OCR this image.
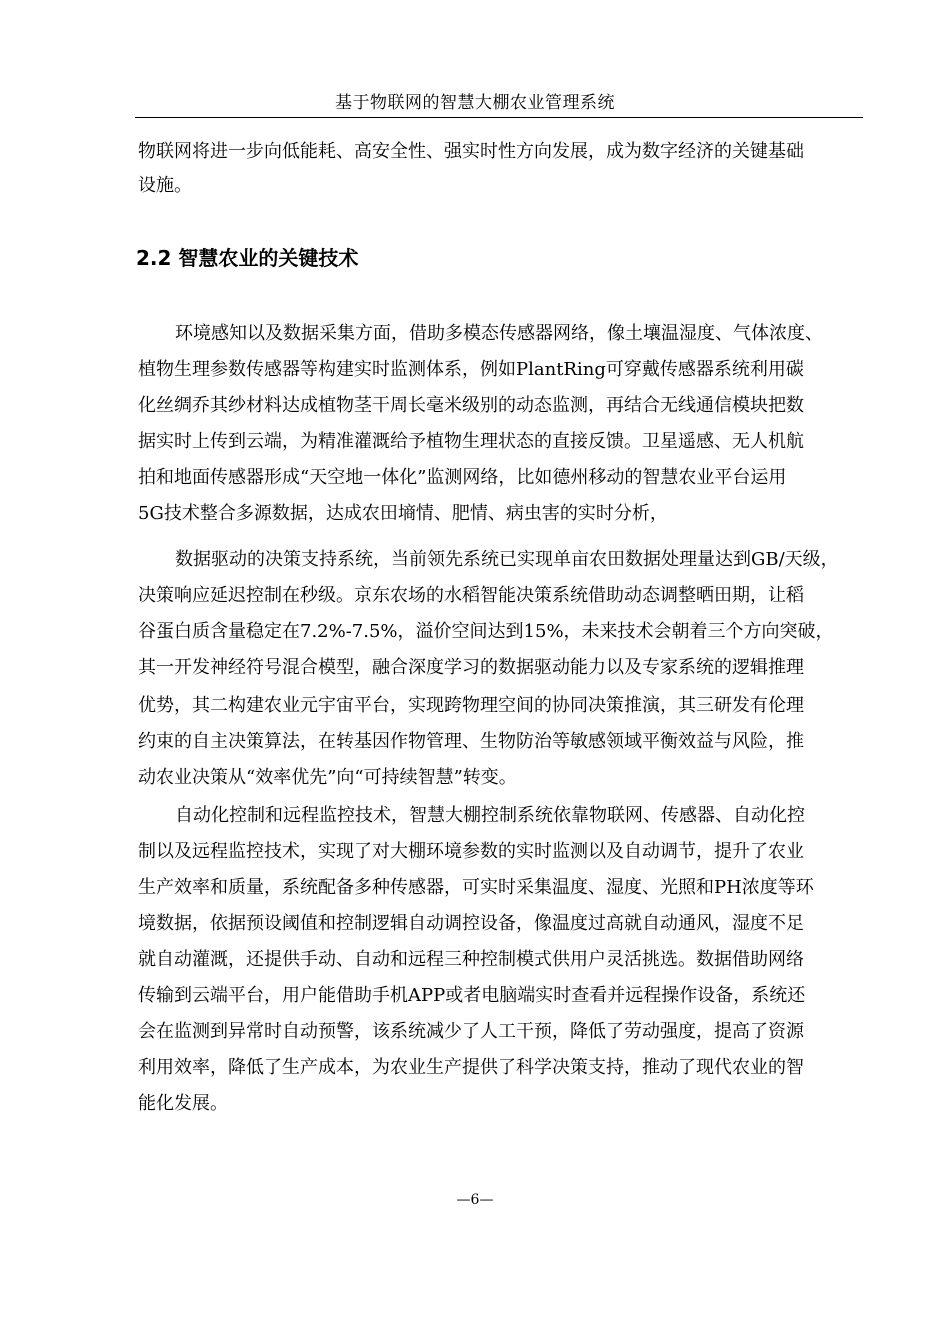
基于物联网的智慧大棚农业管理系统
物联网将进一步向低能耗、高安全性、强实时性方向发展，成为数字经济的关键基础
设施。
2.2 智慧农业的关键技术
环境感知以及数据采集方面，借助多模态传感器网络，像土壤温湿度、气体浓度、
植物生理参数传感器等构建实时监测体系，例如PlantRing可穿戴传感器系统利用碳
化丝绸乔其纱材料达成植物茎干周长毫米级别的动态监测，再结合无线通信模块把数
据实时上传到云端，为精准灌溉给予植物生理状态的直接反馈。卫星遥感、无人机航
拍和地面传感器形成“天空地一体化”监测网络，比如德州移动的智慧农业平台运用
5G技术整合多源数据，达成农田墒情、肥情、病虫害的实时分析，
数据驱动的决策支持系统，当前领先系统已实现单亩农田数据处理量达到GB/天级，
决策响应延迟控制在秒级。京东农场的水稻智能决策系统借助动态调整晒田期，让稻
谷蛋白质含量稳定在7.2%-7.5%，溢价空间达到15%，未来技术会朝着三个方向突破，
其一开发神经符号混合模型，融合深度学习的数据驱动能力以及专家系统的逻辑推理
优势，其二构建农业元宇宙平台，实现跨物理空间的协同决策推演，其三研发有伦理
约束的自主决策算法，在转基因作物管理、生物防治等敏感领域平衡效益与风险，推
动农业决策从“效率优先”向“可持续智慧”转变。
自动化控制和远程监控技术，智慧大棚控制系统依靠物联网、传感器、自动化控
制以及远程监控技术，实现了对大棚环境参数的实时监测以及自动调节，提升了农业
生产效率和质量，系统配备多种传感器，可实时采集温度、湿度、光照和PH浓度等环
境数据，依据预设阈值和控制逻辑自动调控设备，像温度过高就自动通风，湿度不足
就自动灌溉，还提供手动、自动和远程三种控制模式供用户灵活挑选。数据借助网络
传输到云端平台，用户能借助手机APP或者电脑端实时查看并远程操作设备，系统还
会在监测到异常时自动预警，该系统减少了人工干预，降低了劳动强度，提高了资源
利用效率，降低了生产成本，为农业生产提供了科学决策支持，推动了现代农业的智
能化发展。
—6—
